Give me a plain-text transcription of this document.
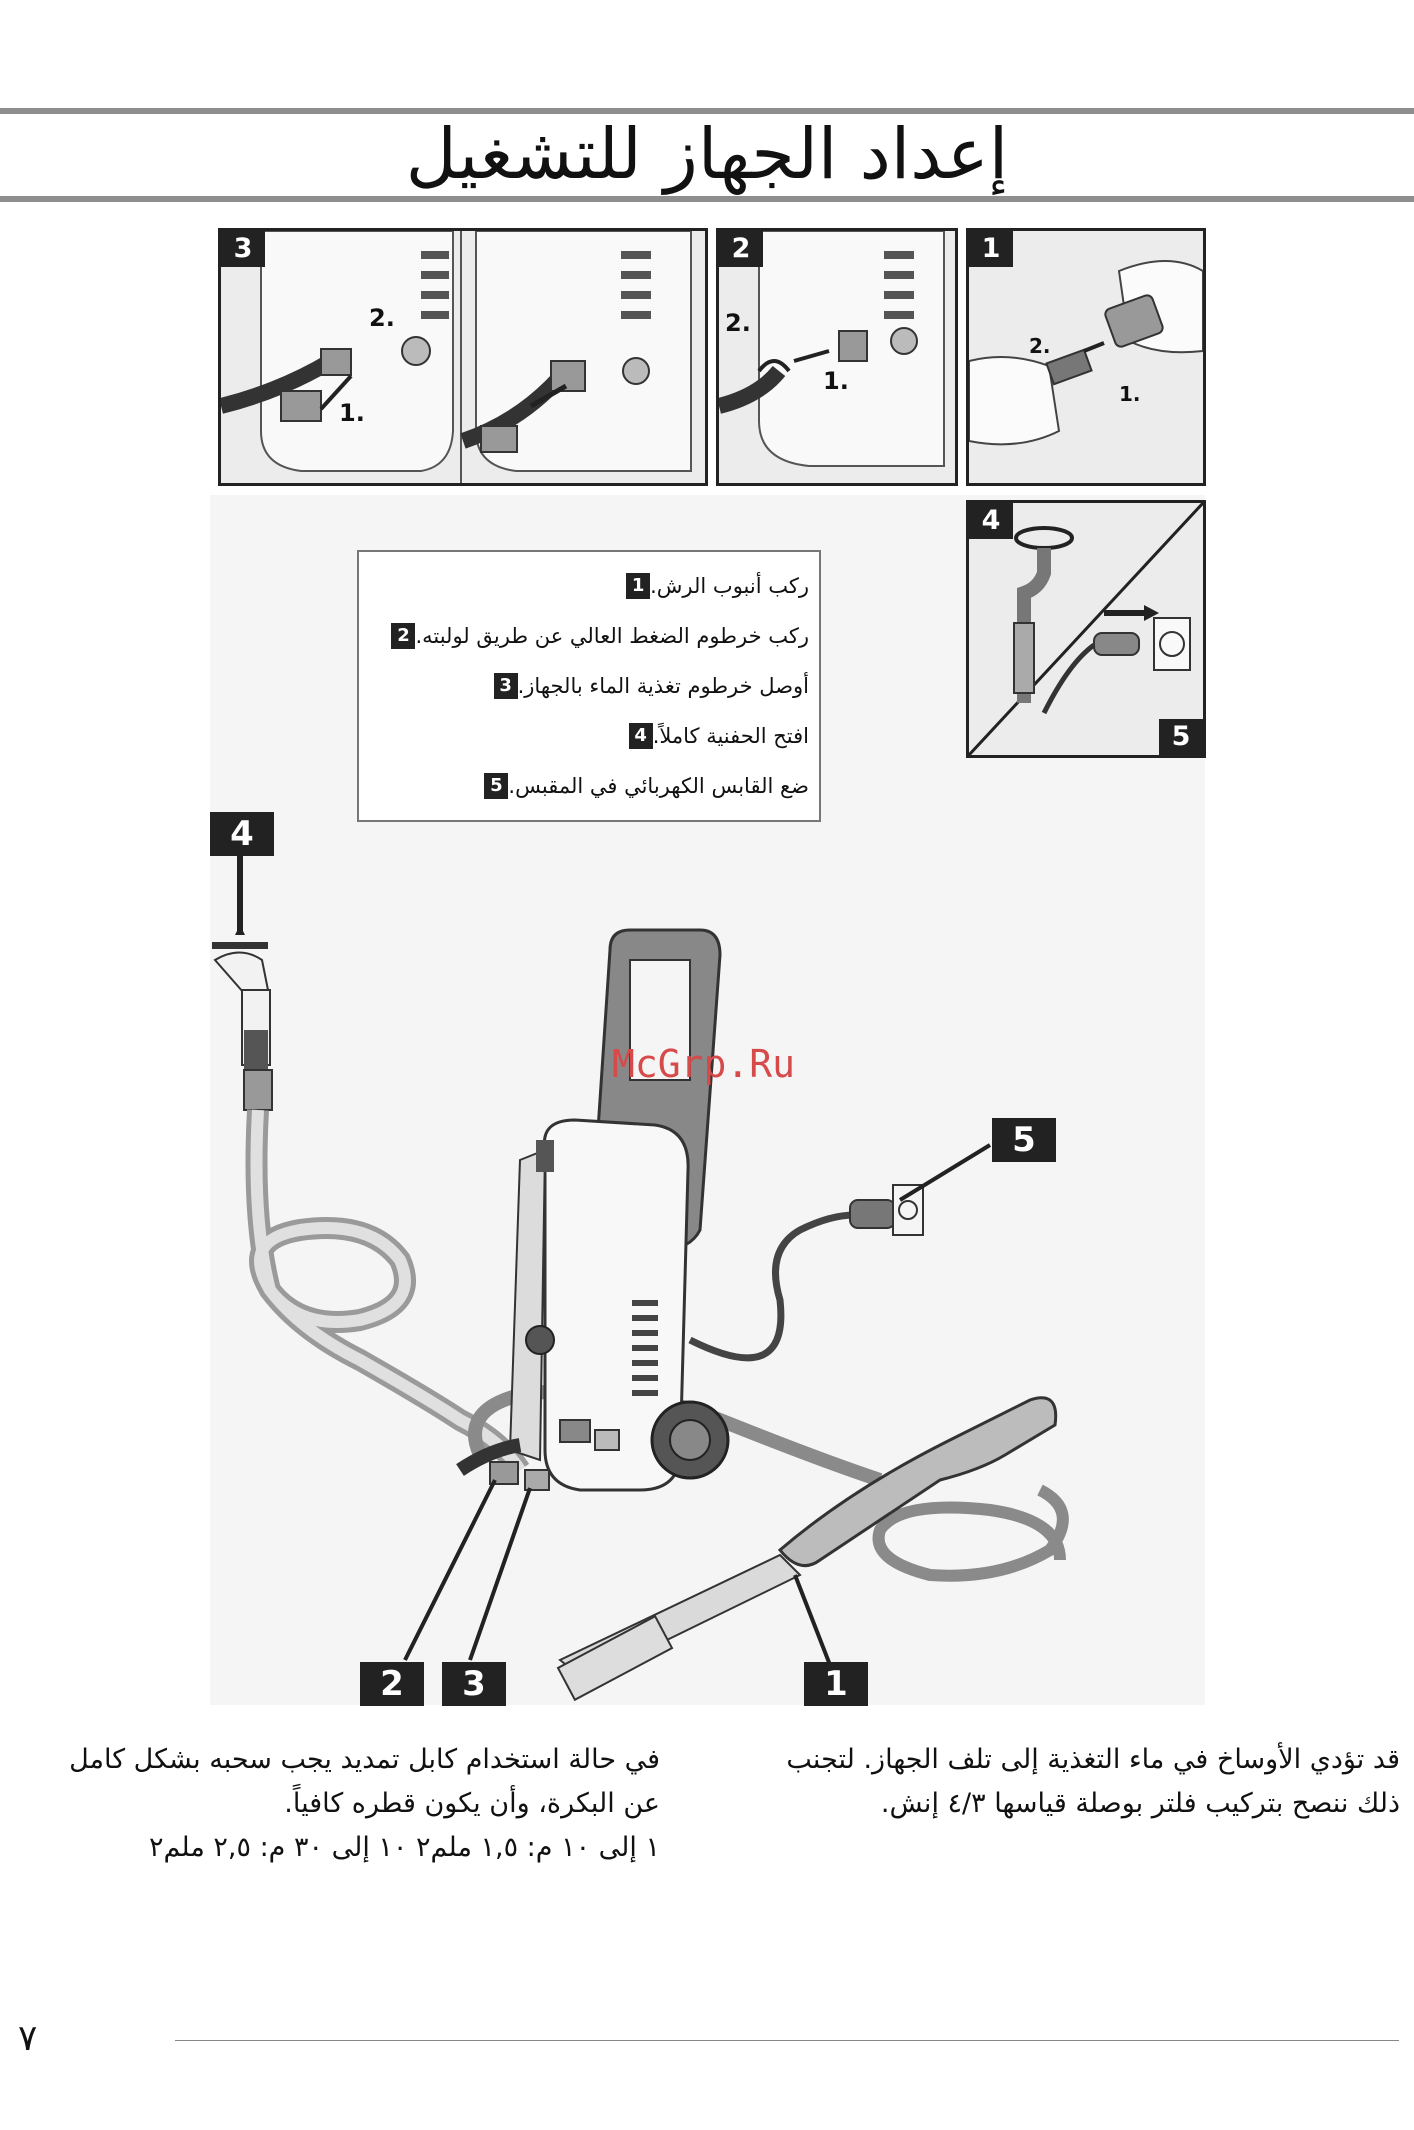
إعداد الجهاز للتشغيل
2.
1.
3
2.
1.
2
2.
1.
1
4
5
1 ركب أنبوب الرش.
2 ركب خرطوم الضغط العالي عن طريق لولبته.
3 أوصل خرطوم تغذية الماء بالجهاز.
4 افتح الحفنية كاملاً.
5 ضع القابس الكهربائي في المقبس.
4
5
1
2	3
McGrp.Ru
قد تؤدي الأوساخ في ماء التغذية إلى تلف الجهاز. لتجنب
ذلك ننصح بتركيب فلتر بوصلة قياسها ٤/٣ إنش.
في حالة استخدام كابل تمديد يجب سحبه بشكل كامل
عن البكرة، وأن يكون قطره كافياً.
١ إلى ١٠ م: ١,٥ ملم٢ ١٠ إلى ٣٠ م: ٢,٥ ملم٢
٧
